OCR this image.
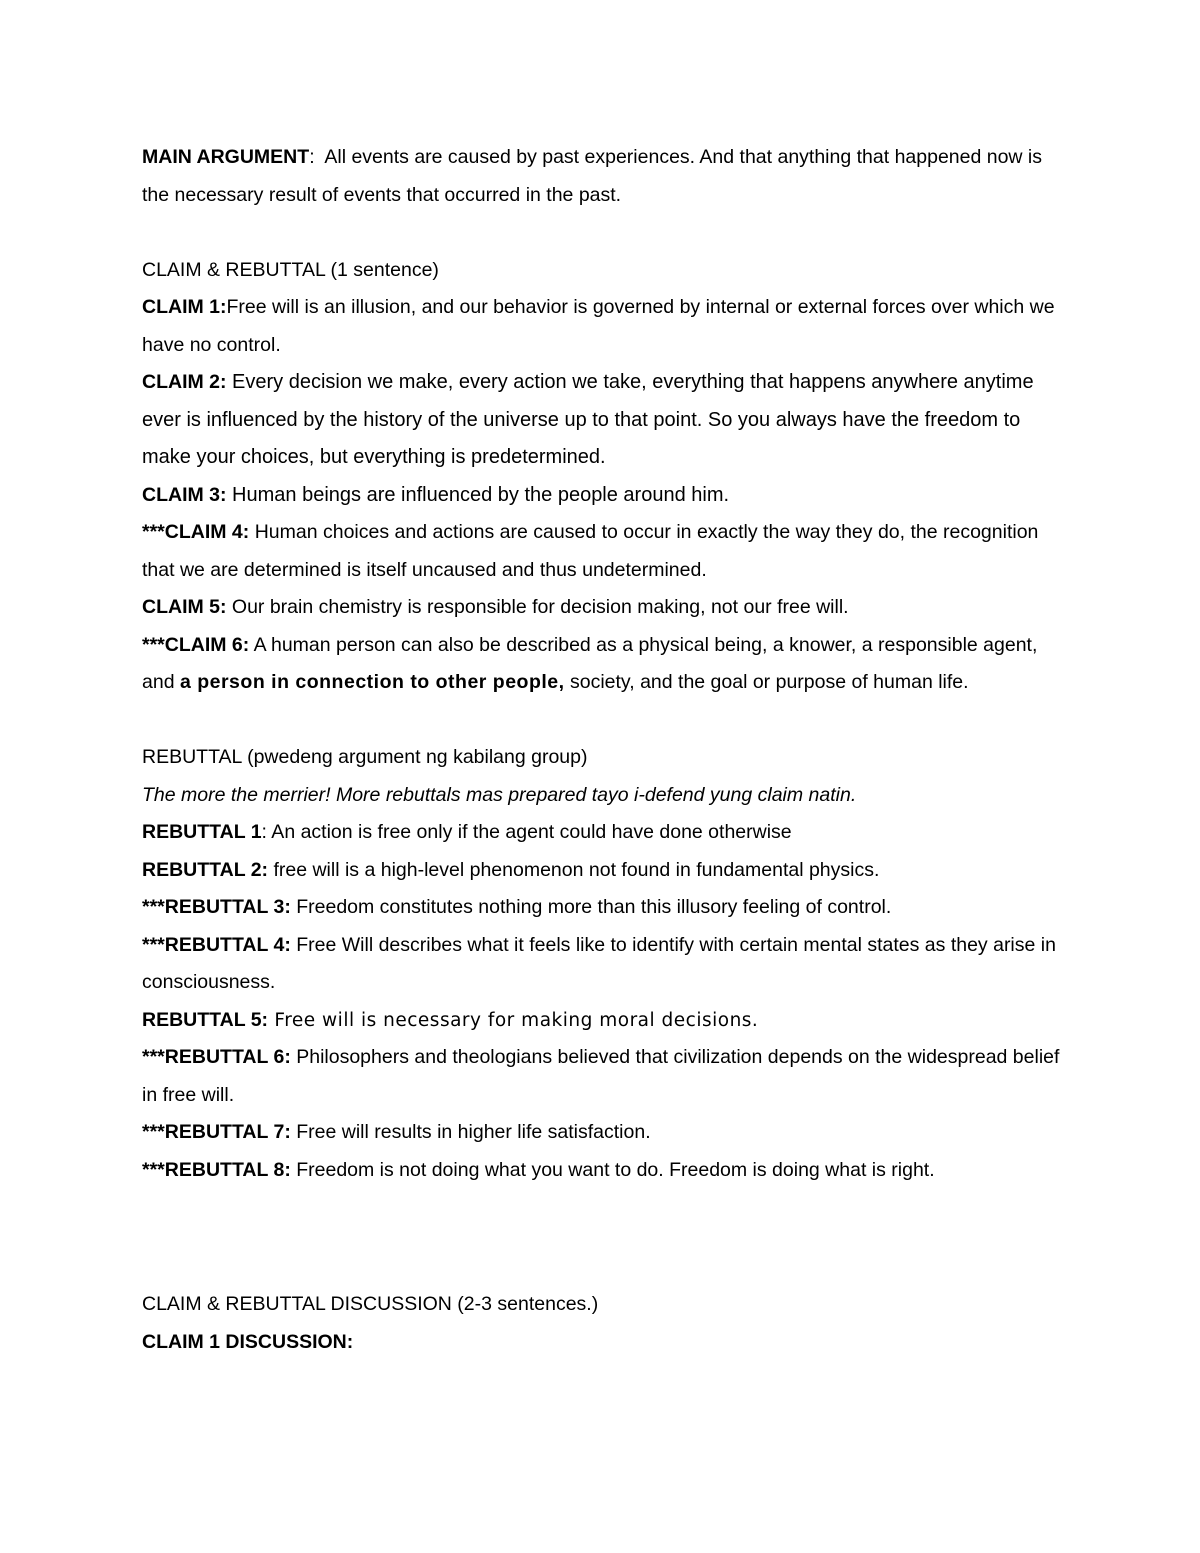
MAIN ARGUMENT:  All events are caused by past experiences. And that anything that happened now is the necessary result of events that occurred in the past.

CLAIM & REBUTTAL (1 sentence)

CLAIM 1:Free will is an illusion, and our behavior is governed by internal or external forces over which we have no control.

CLAIM 2: Every decision we make, every action we take, everything that happens anywhere anytime ever is influenced by the history of the universe up to that point. So you always have the freedom to make your choices, but everything is predetermined.

CLAIM 3: Human beings are influenced by the people around him.

***CLAIM 4: Human choices and actions are caused to occur in exactly the way they do, the recognition that we are determined is itself uncaused and thus undetermined.

CLAIM 5: Our brain chemistry is responsible for decision making, not our free will.

***CLAIM 6: A human person can also be described as a physical being, a knower, a responsible agent, and a person in connection to other people, society, and the goal or purpose of human life.

REBUTTAL (pwedeng argument ng kabilang group)

The more the merrier! More rebuttals mas prepared tayo i-defend yung claim natin.

REBUTTAL 1: An action is free only if the agent could have done otherwise

REBUTTAL 2: free will is a high-level phenomenon not found in fundamental physics.

***REBUTTAL 3: Freedom constitutes nothing more than this illusory feeling of control.

***REBUTTAL 4: Free Will describes what it feels like to identify with certain mental states as they arise in consciousness.

REBUTTAL 5: Free will is necessary for making moral decisions.

***REBUTTAL 6: Philosophers and theologians believed that civilization depends on the widespread belief in free will.

***REBUTTAL 7: Free will results in higher life satisfaction.

***REBUTTAL 8: Freedom is not doing what you want to do. Freedom is doing what is right.

CLAIM & REBUTTAL DISCUSSION (2-3 sentences.)

CLAIM 1 DISCUSSION:
